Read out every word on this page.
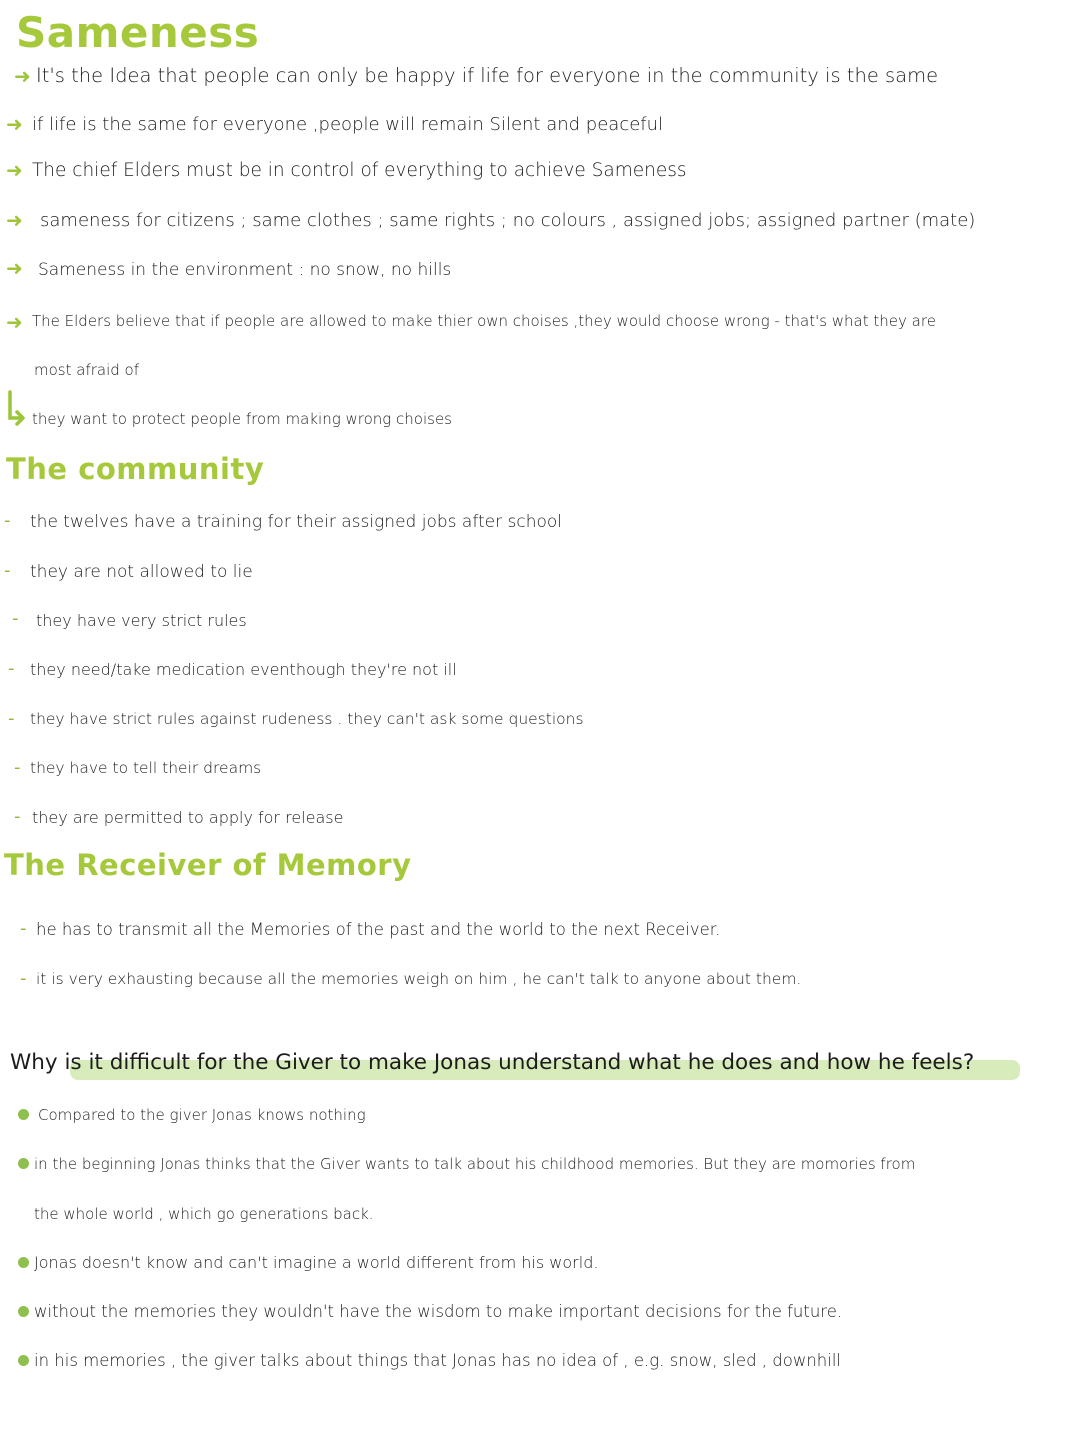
Sameness
➜ It's the Idea that people can only be happy if life for everyone in the community is the same
➜ if life is the same for everyone ,people will remain Silent and peaceful
➜ The chief Elders must be in control of everything to achieve Sameness
➜ sameness for citizens ; same clothes ; same rights ; no colours , assigned jobs; assigned partner (mate)
➜ Sameness in the environment : no snow, no hills
➜ The Elders believe that if people are allowed to make thier own choises ,they would choose wrong - that's what they are
most afraid of
they want to protect people from making wrong choises
The community
- the twelves have a training for their assigned jobs after school
- they are not allowed to lie
- they have very strict rules
- they need/take medication eventhough they're not ill
- they have strict rules against rudeness . they can't ask some questions
- they have to tell their dreams
- they are permitted to apply for release
The Receiver of Memory
- he has to transmit all the Memories of the past and the world to the next Receiver.
- it is very exhausting because all the memories weigh on him , he can't talk to anyone about them.
Why is it difficult for the Giver to make Jonas understand what he does and how he feels?
Compared to the giver Jonas knows nothing
in the beginning Jonas thinks that the Giver wants to talk about his childhood memories. But they are momories from
the whole world , which go generations back.
Jonas doesn't know and can't imagine a world different from his world.
without the memories they wouldn't have the wisdom to make important decisions for the future.
in his memories , the giver talks about things that Jonas has no idea of , e.g. snow, sled , downhill
